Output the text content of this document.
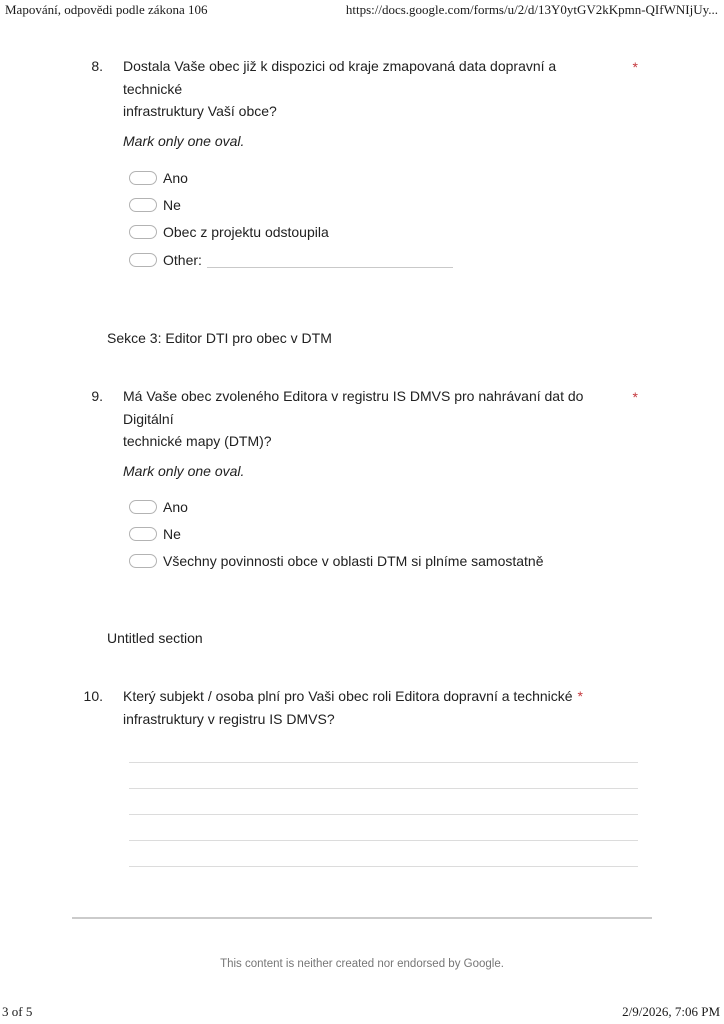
Mapování, odpovědi podle zákona 106	https://docs.google.com/forms/u/2/d/13Y0ytGV2kKpmn-QIfWNIjUy...
8. Dostala Vaše obec již k dispozici od kraje zmapovaná data dopravní a
technické
infrastruktury Vaší obce?
*
Mark only one oval.
Ano
Ne
Obec z projektu odstoupila
Other:
Sekce 3: Editor DTI pro obec v DTM
9. Má Vaše obec zvoleného Editora v registru IS DMVS pro nahrávaní dat do
Digitální
technické mapy (DTM)?
*
Mark only one oval.
Ano
Ne
Všechny povinnosti obce v oblasti DTM si plníme samostatně
Untitled section
10. Který subjekt / osoba plní pro Vaši obec roli Editora dopravní a technické *
infrastruktury v registru IS DMVS?
This content is neither created nor endorsed by Google.
3 of 5	2/9/2026, 7:06 PM
